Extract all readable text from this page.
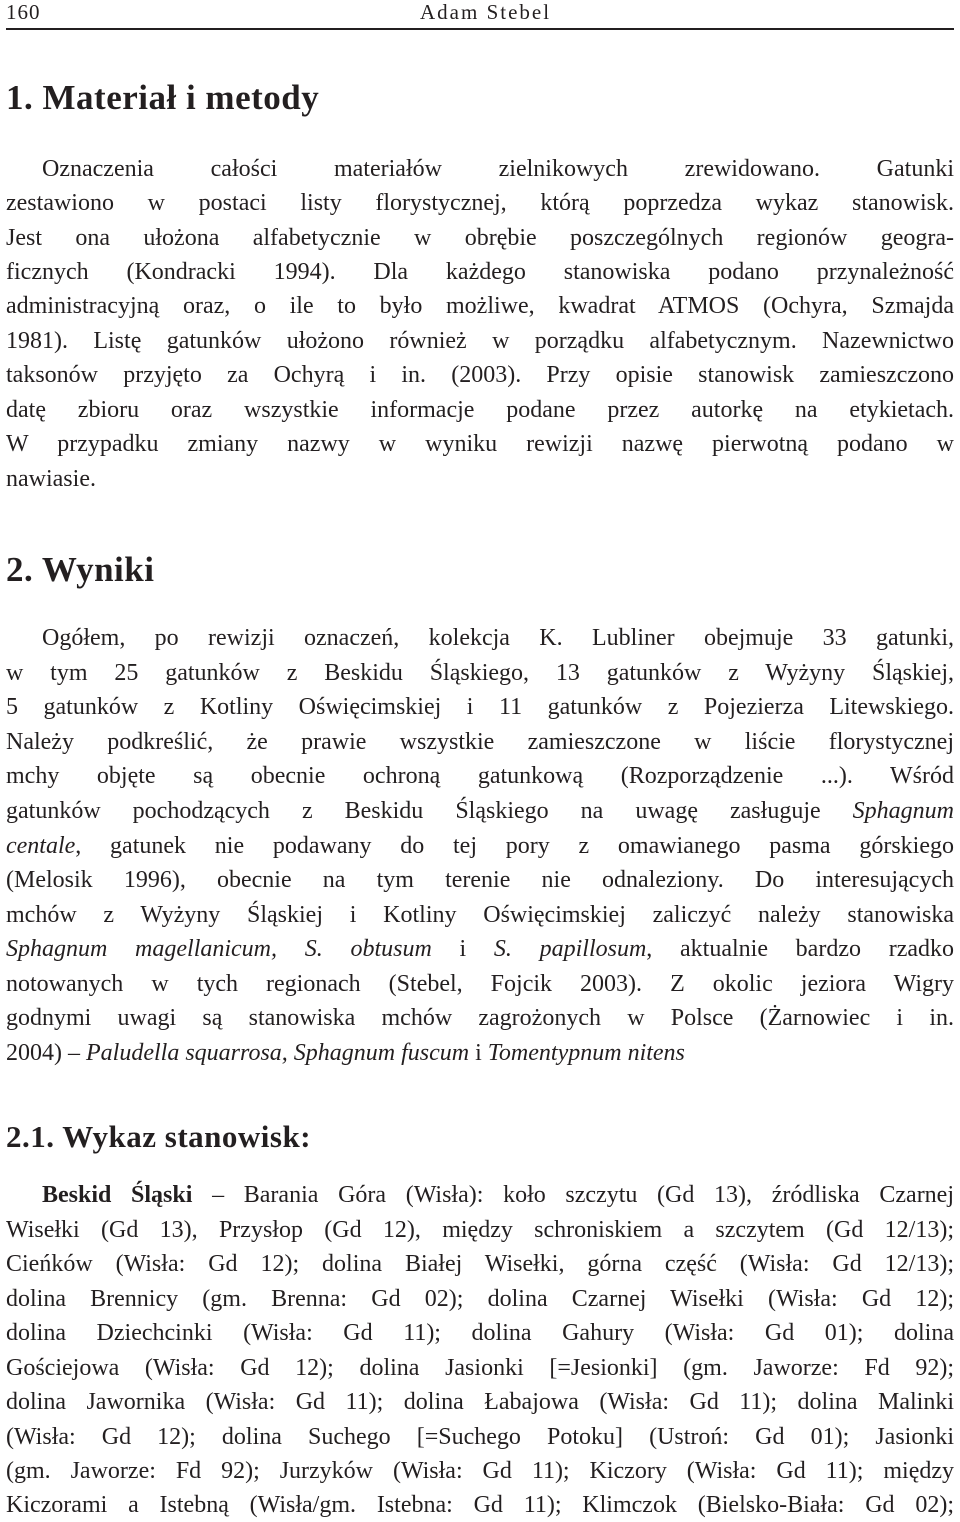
160	Adam Stebel
1. Materiał i metody
Oznaczenia całości materiałów zielnikowych zrewidowano. Gatunki
zestawiono w postaci listy florystycznej, którą poprzedza wykaz stanowisk.
Jest ona ułożona alfabetycznie w obrębie poszczególnych regionów geogra-
ficznych (Kondracki 1994). Dla każdego stanowiska podano przynależność
administracyjną oraz, o ile to było możliwe, kwadrat ATMOS (Ochyra, Szmajda
1981). Listę gatunków ułożono również w porządku alfabetycznym. Nazewnictwo
taksonów przyjęto za Ochyrą i in. (2003). Przy opisie stanowisk zamieszczono
datę zbioru oraz wszystkie informacje podane przez autorkę na etykietach.
W przypadku zmiany nazwy w wyniku rewizji nazwę pierwotną podano w
nawiasie.
2. Wyniki
Ogółem, po rewizji oznaczeń, kolekcja K. Lubliner obejmuje 33 gatunki,
w tym 25 gatunków z Beskidu Śląskiego, 13 gatunków z Wyżyny Śląskiej,
5 gatunków z Kotliny Oświęcimskiej i 11 gatunków z Pojezierza Litewskiego.
Należy podkreślić, że prawie wszystkie zamieszczone w liście florystycznej
mchy objęte są obecnie ochroną gatunkową (Rozporządzenie ...). Wśród
gatunków pochodzących z Beskidu Śląskiego na uwagę zasługuje Sphagnum
centale, gatunek nie podawany do tej pory z omawianego pasma górskiego
(Melosik 1996), obecnie na tym terenie nie odnaleziony. Do interesujących
mchów z Wyżyny Śląskiej i Kotliny Oświęcimskiej zaliczyć należy stanowiska
Sphagnum magellanicum, S. obtusum i S. papillosum, aktualnie bardzo rzadko
notowanych w tych regionach (Stebel, Fojcik 2003). Z okolic jeziora Wigry
godnymi uwagi są stanowiska mchów zagrożonych w Polsce (Żarnowiec i in.
2004) – Paludella squarrosa, Sphagnum fuscum i Tomentypnum nitens
2.1. Wykaz stanowisk:
Beskid Śląski – Barania Góra (Wisła): koło szczytu (Gd 13), źródliska Czarnej
Wisełki (Gd 13), Przysłop (Gd 12), między schroniskiem a szczytem (Gd 12/13);
Cieńków (Wisła: Gd 12); dolina Białej Wisełki, górna część (Wisła: Gd 12/13);
dolina Brennicy (gm. Brenna: Gd 02); dolina Czarnej Wisełki (Wisła: Gd 12);
dolina Dziechcinki (Wisła: Gd 11); dolina Gahury (Wisła: Gd 01); dolina
Gościejowa (Wisła: Gd 12); dolina Jasionki [=Jesionki] (gm. Jaworze: Fd 92);
dolina Jawornika (Wisła: Gd 11); dolina Łabajowa (Wisła: Gd 11); dolina Malinki
(Wisła: Gd 12); dolina Suchego [=Suchego Potoku] (Ustroń: Gd 01); Jasionki
(gm. Jaworze: Fd 92); Jurzyków (Wisła: Gd 11); Kiczory (Wisła: Gd 11); między
Kiczorami a Istebną (Wisła/gm. Istebna: Gd 11); Klimczok (Bielsko-Biała: Gd 02);
